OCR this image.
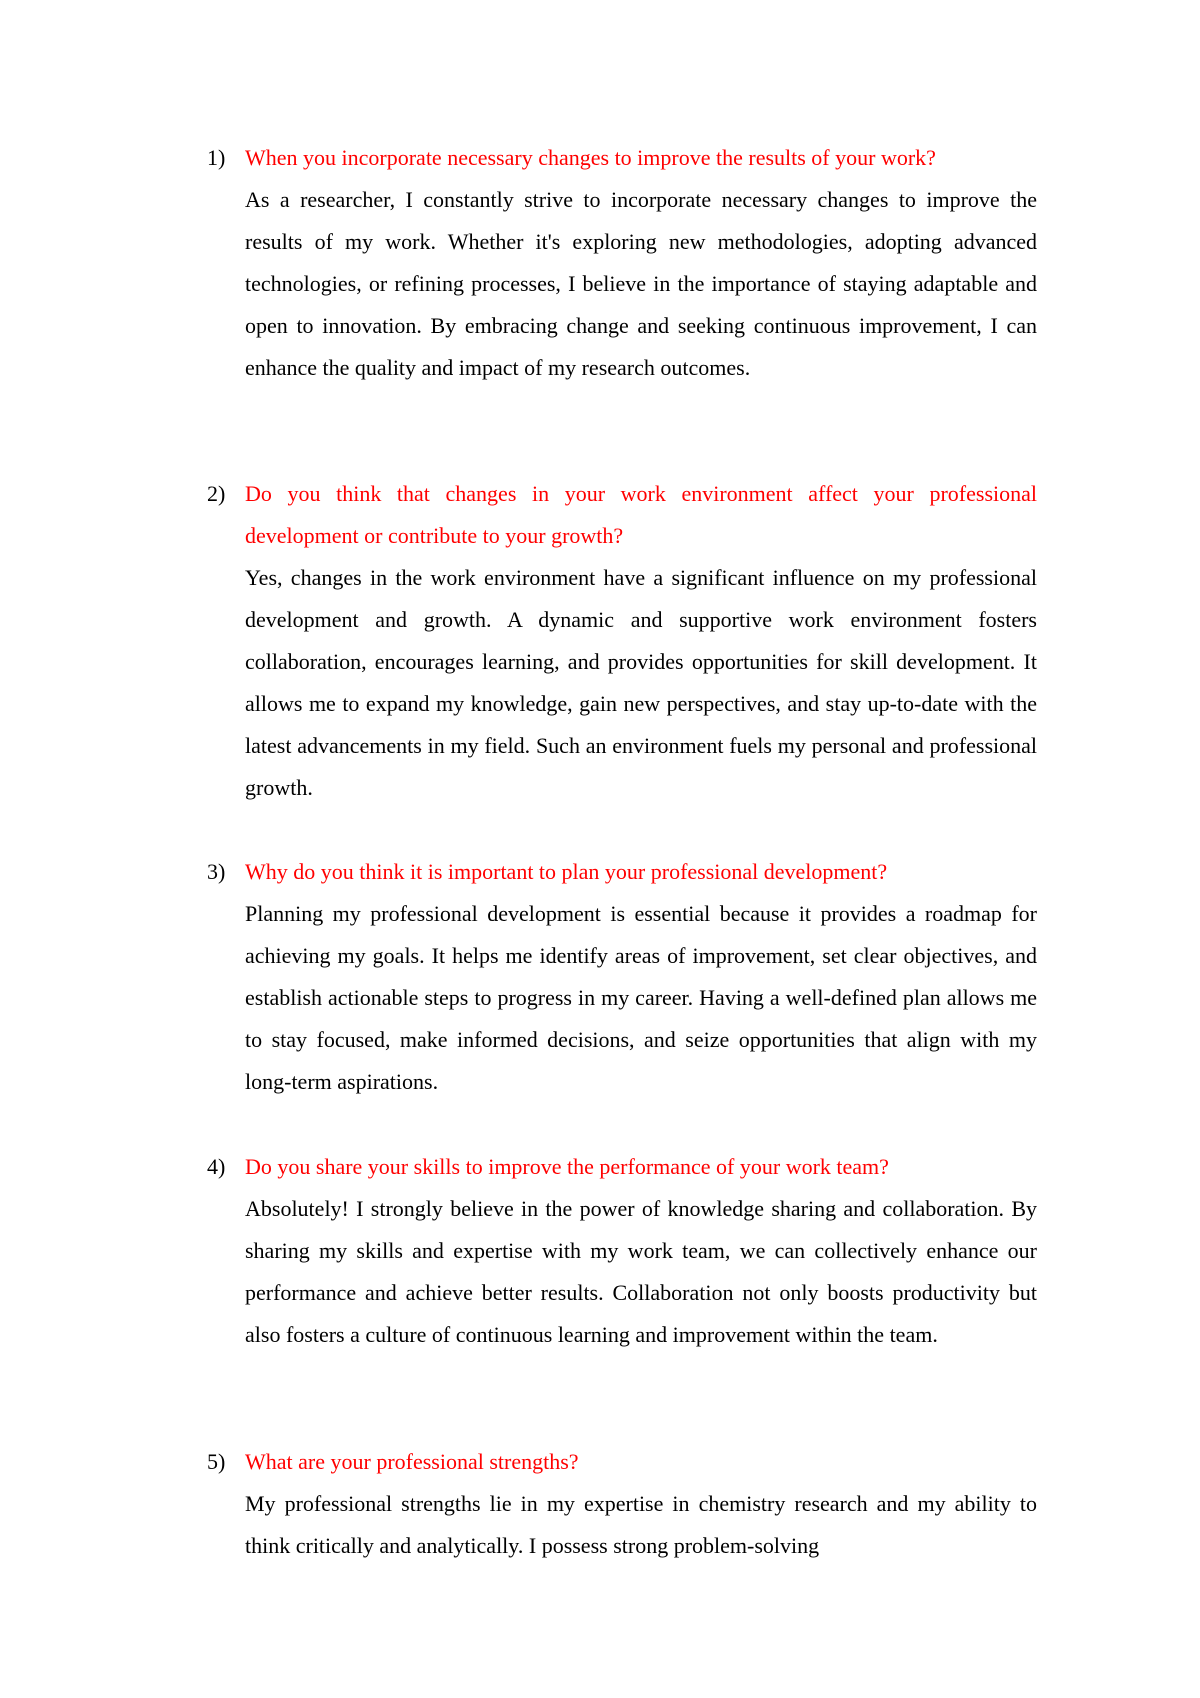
1) When you incorporate necessary changes to improve the results of your work?

As a researcher, I constantly strive to incorporate necessary changes to improve the results of my work. Whether it's exploring new methodologies, adopting advanced technologies, or refining processes, I believe in the importance of staying adaptable and open to innovation. By embracing change and seeking continuous improvement, I can enhance the quality and impact of my research outcomes.

2) Do you think that changes in your work environment affect your professional development or contribute to your growth?

Yes, changes in the work environment have a significant influence on my professional development and growth. A dynamic and supportive work environment fosters collaboration, encourages learning, and provides opportunities for skill development. It allows me to expand my knowledge, gain new perspectives, and stay up-to-date with the latest advancements in my field. Such an environment fuels my personal and professional growth.

3) Why do you think it is important to plan your professional development?

Planning my professional development is essential because it provides a roadmap for achieving my goals. It helps me identify areas of improvement, set clear objectives, and establish actionable steps to progress in my career. Having a well-defined plan allows me to stay focused, make informed decisions, and seize opportunities that align with my long-term aspirations.

4) Do you share your skills to improve the performance of your work team?

Absolutely! I strongly believe in the power of knowledge sharing and collaboration. By sharing my skills and expertise with my work team, we can collectively enhance our performance and achieve better results. Collaboration not only boosts productivity but also fosters a culture of continuous learning and improvement within the team.

5) What are your professional strengths?

My professional strengths lie in my expertise in chemistry research and my ability to think critically and analytically. I possess strong problem-solving
